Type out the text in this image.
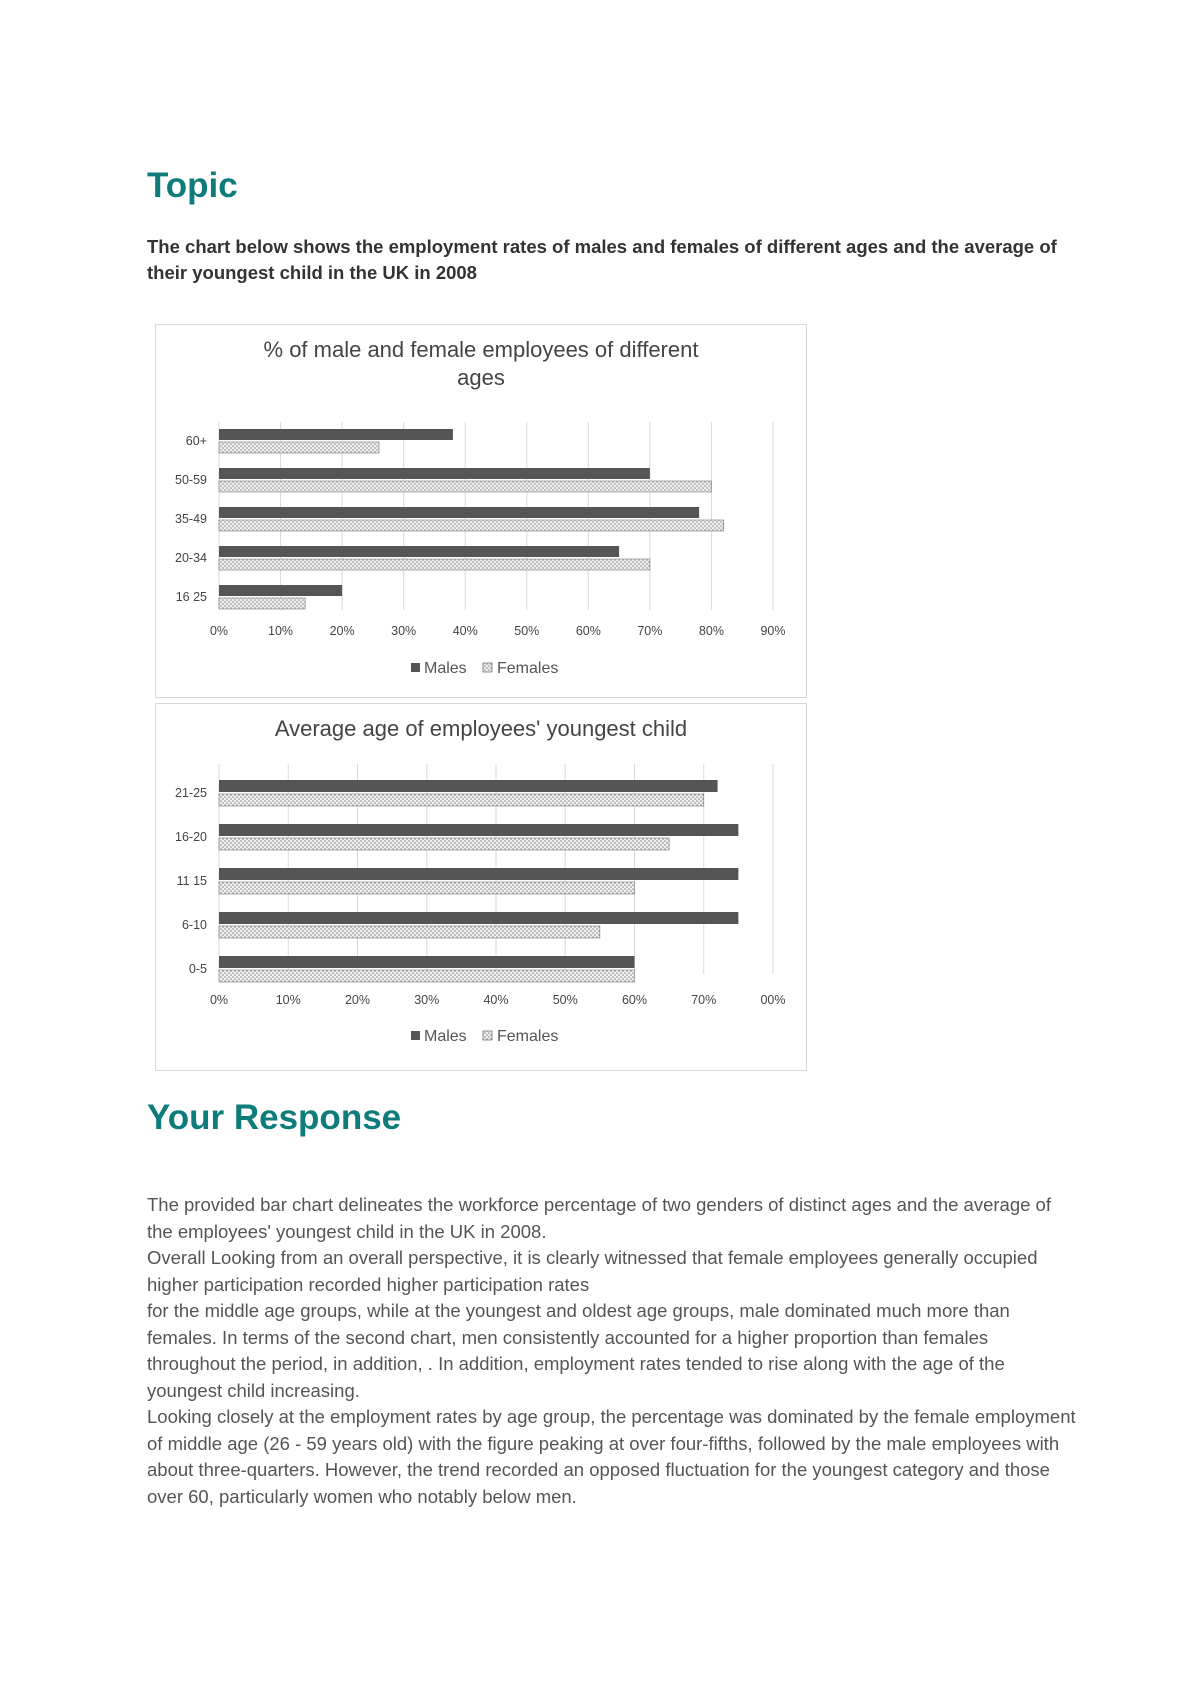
Topic

The chart below shows the employment rates of males and females of different ages and the average of their youngest child in the UK in 2008

% of male and female employees of different
ages
0%	10%	20%	30%	40%	50%	60%	70%	80%	90%
60+
50-59
35-49
20-34
16 25
Males Females
Average age of employees' youngest child
0%	10%	20%	30%	40%	50%	60%	70%	00%
21-25
16-20
11 15
6-10
0-5
Males Females
Your Response

The provided bar chart delineates the workforce percentage of two genders of distinct ages and the average of the employees' youngest child in the UK in 2008.

Overall Looking from an overall perspective, it is clearly witnessed that female employees generally occupied higher participation recorded higher participation rates

for the middle age groups, while at the youngest and oldest age groups, male dominated much more than females. In terms of the second chart, men consistently accounted for a higher proportion than females throughout the period, in addition, . In addition, employment rates tended to rise along with the age of the youngest child increasing.

Looking closely at the employment rates by age group, the percentage was dominated by the female employment of middle age (26 - 59 years old) with the figure peaking at over four-fifths, followed by the male employees with about three-quarters. However, the trend recorded an opposed fluctuation for the youngest category and those over 60, particularly women who notably below men.
